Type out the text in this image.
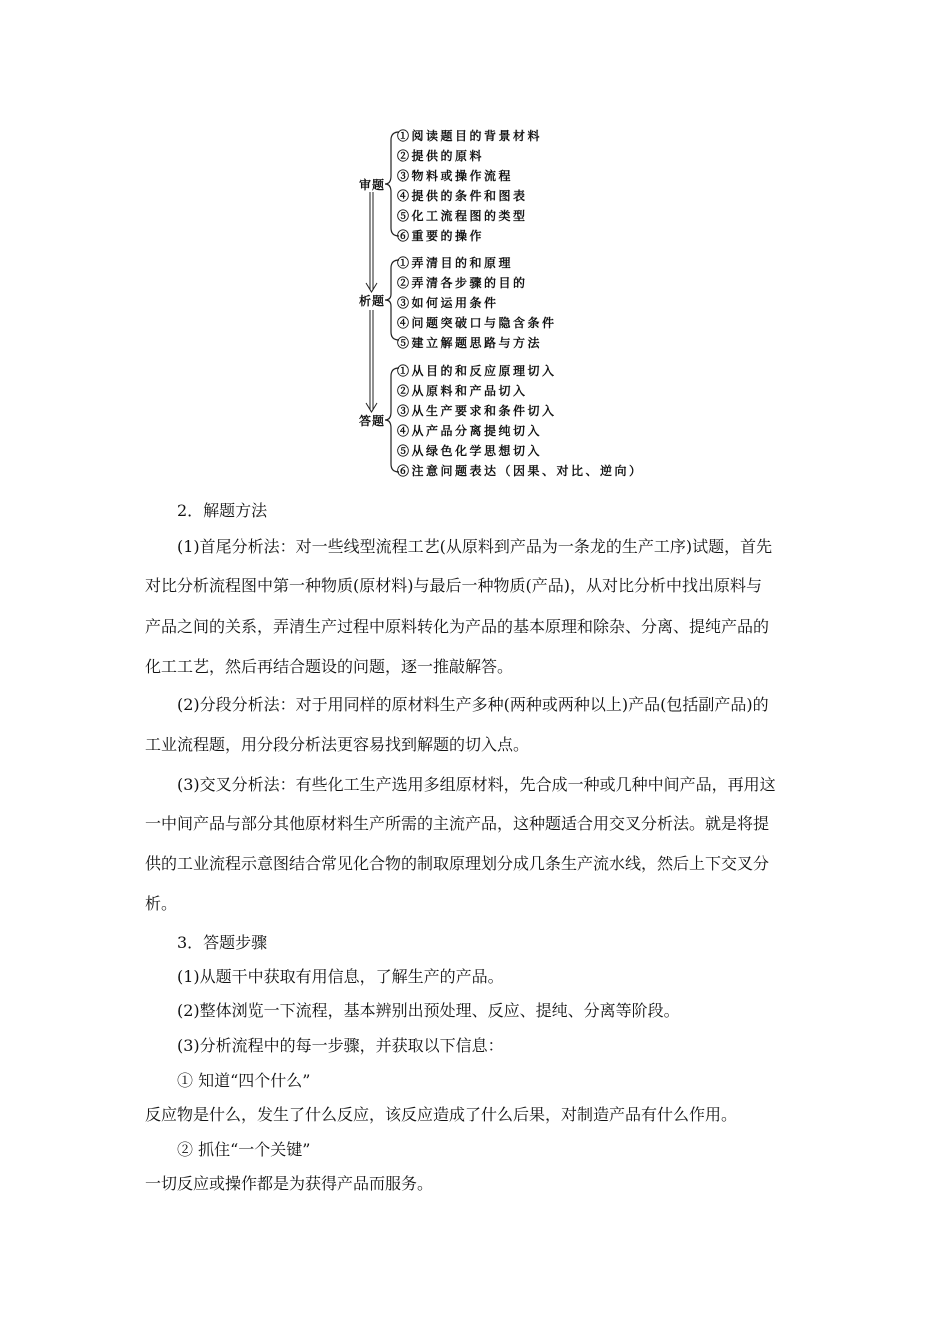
审题
析题
答题
①阅读题目的背景材料
②提供的原料
③物料或操作流程
④提供的条件和图表
⑤化工流程图的类型
⑥重要的操作
①弄清目的和原理
②弄清各步骤的目的
③如何运用条件
④问题突破口与隐含条件
⑤建立解题思路与方法
①从目的和反应原理切入
②从原料和产品切入
③从生产要求和条件切入
④从产品分离提纯切入
⑤从绿色化学思想切入
⑥注意问题表达（因果、对比、逆向）
2．解题方法
(1)首尾分析法：对一些线型流程工艺(从原料到产品为一条龙的生产工序)试题，首先
对比分析流程图中第一种物质(原材料)与最后一种物质(产品)，从对比分析中找出原料与
产品之间的关系，弄清生产过程中原料转化为产品的基本原理和除杂、分离、提纯产品的
化工工艺，然后再结合题设的问题，逐一推敲解答。
(2)分段分析法：对于用同样的原材料生产多种(两种或两种以上)产品(包括副产品)的
工业流程题，用分段分析法更容易找到解题的切入点。
(3)交叉分析法：有些化工生产选用多组原材料，先合成一种或几种中间产品，再用这
一中间产品与部分其他原材料生产所需的主流产品，这种题适合用交叉分析法。就是将提
供的工业流程示意图结合常见化合物的制取原理划分成几条生产流水线，然后上下交叉分
析。
3．答题步骤
(1)从题干中获取有用信息，了解生产的产品。
(2)整体浏览一下流程，基本辨别出预处理、反应、提纯、分离等阶段。
(3)分析流程中的每一步骤，并获取以下信息：
① 知道“四个什么”
反应物是什么，发生了什么反应，该反应造成了什么后果，对制造产品有什么作用。
② 抓住“一个关键”
一切反应或操作都是为获得产品而服务。
